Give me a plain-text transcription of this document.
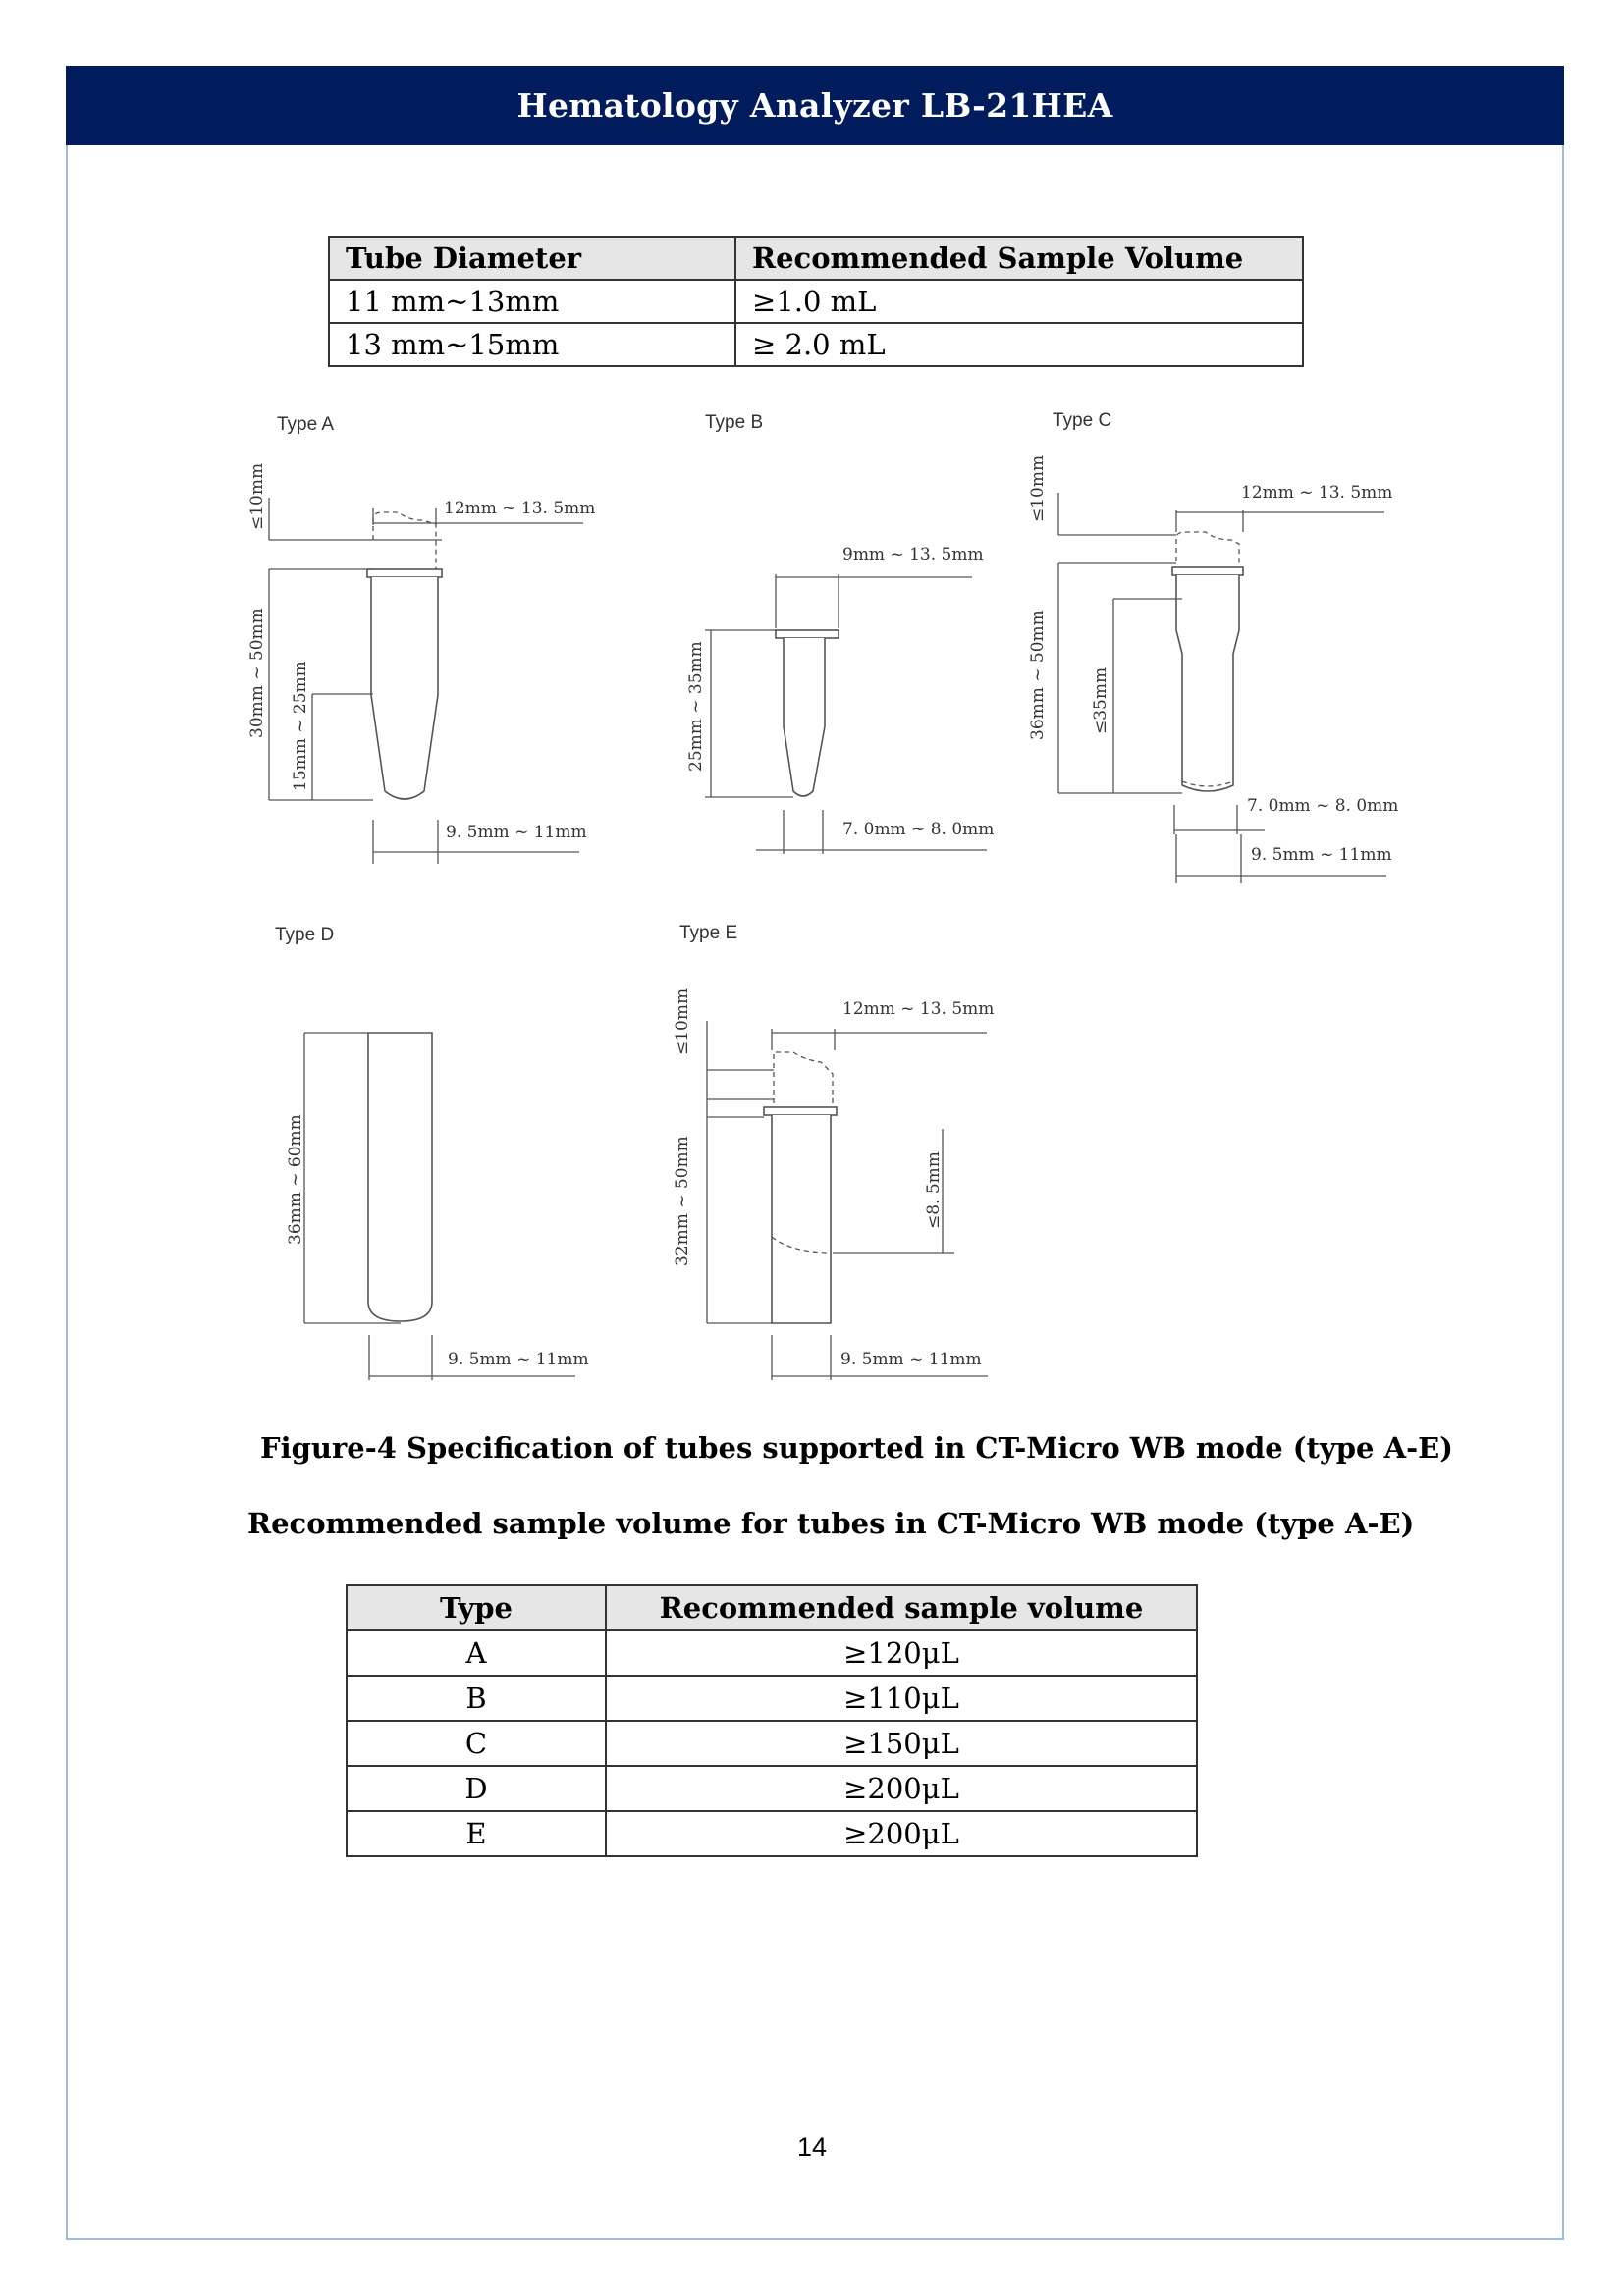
Hematology Analyzer LB-21HEA
Tube Diameter	Recommended Sample Volume
11 mm~13mm	≥1.0 mL
13 mm~15mm	≥ 2.0 mL
Type A
≤10mm	12mm ~ 13. 5mm
30mm ~ 50mm 15mm ~ 25mm
9. 5mm ~ 11mm
Type B
9mm ~ 13. 5mm
25mm ~ 35mm
7. 0mm ~ 8. 0mm
Type C
≤10mm	12mm ~ 13. 5mm
36mm ~ 50mm	≤35mm
7. 0mm ~ 8. 0mm
9. 5mm ~ 11mm
Type D
36mm ~ 60mm
9. 5mm ~ 11mm
Type E
≤10mm	12mm ~ 13. 5mm
32mm ~ 50mm	≤8. 5mm
9. 5mm ~ 11mm
Figure-4 Specification of tubes supported in CT-Micro WB mode (type A-E)
Recommended sample volume for tubes in CT-Micro WB mode (type A-E)
Type	Recommended sample volume
A	≥120μL
B	≥110μL
C	≥150μL
D	≥200μL
E	≥200μL
14
